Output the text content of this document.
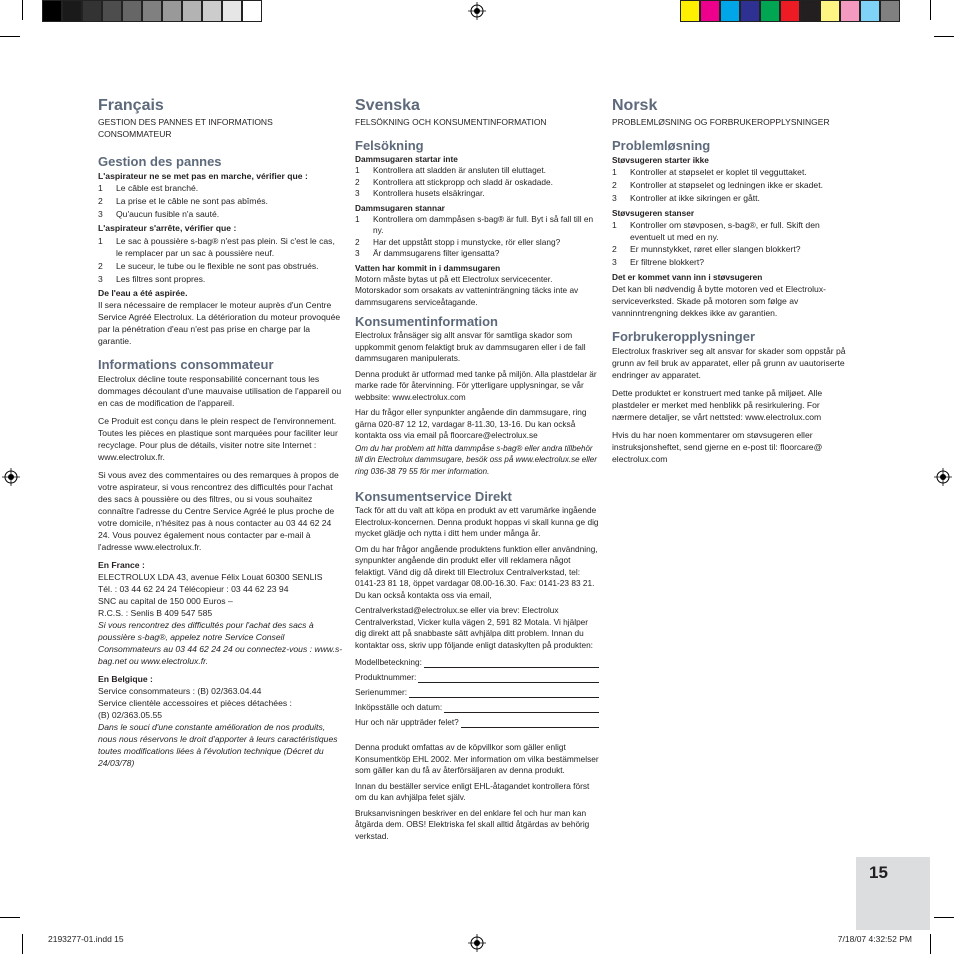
Français

GESTION DES PANNES ET INFORMATIONS CONSOMMATEUR

Gestion des pannes

L'aspirateur ne se met pas en marche, vérifier que :

1	Le câble est branché.
2	La prise et le câble ne sont pas abîmés.
3	Qu'aucun fusible n'a sauté.

L'aspirateur s'arrête, vérifier que :

1	Le sac à poussière s-bag® n'est pas plein. Si c'est le cas, le remplacer par un sac à poussière neuf.
2	Le suceur, le tube ou le flexible ne sont pas obstrués.
3	Les filtres sont propres.

De l'eau a été aspirée.

Il sera nécessaire de remplacer le moteur auprès d'un Centre

Service Agréé Electrolux. La détérioration du moteur provoquée

par la pénétration d'eau n'est pas prise en charge par la garantie.

Informations consommateur

Electrolux décline toute responsabilité concernant tous les dommages découlant d'une mauvaise utilisation de l'appareil ou en cas de modification de l'appareil.

Ce Produit est conçu dans le plein respect de l'environnement. Toutes les pièces en plastique sont marquées pour faciliter leur recyclage. Pour plus de détails, visiter notre site Internet : www.electrolux.fr.

Si vous avez des commentaires ou des remarques à propos de votre aspirateur, si vous rencontrez des difficultés pour l'achat des sacs à poussière ou des filtres, ou si vous souhaitez connaître l'adresse du Centre Service Agréé le plus proche de votre domicile, n'hésitez pas à nous contacter au 03 44 62 24 24. Vous pouvez également nous contacter par e-mail à l'adresse www.electrolux.fr.

En France :

ELECTROLUX LDA 43, avenue Félix Louat 60300 SENLIS

Tél. : 03 44 62 24 24 Télécopieur : 03 44 62 23 94

SNC au capital de 150 000 Euros –

R.C.S. : Senlis B 409 547 585

Si vous rencontrez des difficultés pour l'achat des sacs à poussière s-bag®, appelez notre Service Conseil Consommateurs au 03 44 62 24 24 ou connectez-vous : www.s-bag.net ou www.electrolux.fr.

En Belgique :

Service consommateurs : (B) 02/363.04.44

Service clientèle accessoires et pièces détachées :

(B) 02/363.05.55

Dans le souci d'une constante amélioration de nos produits, nous nous réservons le droit d'apporter à leurs caractéristiques toutes modifications liées à l'évolution technique (Décret du 24/03/78)

Svenska

FELSÖKNING OCH KONSUMENTINFORMATION

Felsökning

Dammsugaren startar inte

1	Kontrollera att sladden är ansluten till eluttaget.
2	Kontrollera att stickpropp och sladd är oskadade.
3	Kontrollera husets elsäkringar.

Dammsugaren stannar

1	Kontrollera om dammpåsen s-bag® är full. Byt i så fall till en ny.
2	Har det uppstått stopp i munstycke, rör eller slang?
3	Är dammsugarens filter igensatta?

Vatten har kommit in i dammsugaren

Motorn måste bytas ut på ett Electrolux servicecenter. Motorskador som orsakats av vatteninträngning täcks inte av dammsugarens serviceåtagande.

Konsumentinformation

Electrolux frånsäger sig allt ansvar för samtliga skador som uppkommit genom felaktigt bruk av dammsugaren eller i de fall dammsugaren manipulerats.

Denna produkt är utformad med tanke på miljön. Alla plastdelar är marke rade för återvinning. För ytterligare upplysningar, se vår webbsite: www.electrolux.com

Har du frågor eller synpunkter angående din dammsugare, ring gärna 020-87 12 12, vardagar 8-11.30, 13-16. Du kan också kontakta oss via email på floorcare@electrolux.se

Om du har problem att hitta dammpåse s-bag® eller andra tillbehör till din Electrolux dammsugare, besök oss på www.electrolux.se eller ring 036-38 79 55 för mer information.

Konsumentservice Direkt

Tack för att du valt att köpa en produkt av ett varumärke ingående Electrolux-koncernen. Denna produkt hoppas vi skall kunna ge dig mycket glädje och nytta i ditt hem under många år.

Om du har frågor angående produktens funktion eller användning, synpunkter angående din produkt eller vill reklamera något felaktigt. Vänd dig då direkt till Electrolux Centralverkstad, tel: 0141-23 81 18, öppet vardagar 08.00-16.30. Fax: 0141-23 83 21. Du kan också kontakta oss via email,

Centralverkstad@electrolux.se eller via brev: Electrolux Centralverkstad, Vicker kulla vägen 2, 591 82 Motala. Vi hjälper dig direkt att på snabbaste sätt avhjälpa ditt problem. Innan du kontaktar oss, skriv upp följande enligt dataskylten på produkten:

Modellbeteckning:
Produktnummer:
Serienummer:
Inköpsställe och datum:
Hur och när uppträder felet?

Denna produkt omfattas av de köpvillkor som gäller enligt Konsumentköp EHL 2002. Mer information om vilka bestämmelser som gäller kan du få av återförsäljaren av denna produkt.

Innan du beställer service enligt EHL-åtagandet kontrollera först om du kan avhjälpa felet själv.

Bruksanvisningen beskriver en del enklare fel och hur man kan åtgärda dem. OBS! Elektriska fel skall alltid åtgärdas av behörig verkstad.

Norsk

PROBLEMLØSNING OG FORBRUKEROPPLYSNINGER

Problemløsning

Støvsugeren starter ikke

1	Kontroller at støpselet er koplet til vegguttaket.
2	Kontroller at støpselet og ledningen ikke er skadet.
3	Kontroller at ikke sikringen er gått.

Støvsugeren stanser

1	Kontroller om støvposen, s-bag®, er full. Skift den eventuelt ut med en ny.
2	Er munnstykket, røret eller slangen blokkert?
3	Er filtrene blokkert?

Det er kommet vann inn i støvsugeren

Det kan bli nødvendig å bytte motoren ved et Electrolux-serviceverksted. Skade på motoren som følge av vanninntrengning dekkes ikke av garantien.

Forbrukeropplysninger

Electrolux fraskriver seg alt ansvar for skader som oppstår på grunn av feil bruk av apparatet, eller på grunn av uautoriserte endringer av apparatet.

Dette produktet er konstruert med tanke på miljøet. Alle plastdeler er merket med henblikk på resirkulering. For nærmere detaljer, se vårt nettsted: www.electrolux.com

Hvis du har noen kommentarer om støvsugeren eller instruksjonsheftet, send gjerne en e-post til: floorcare@ electrolux.com

15
2193277-01.indd 15	7/18/07 4:32:52 PM
